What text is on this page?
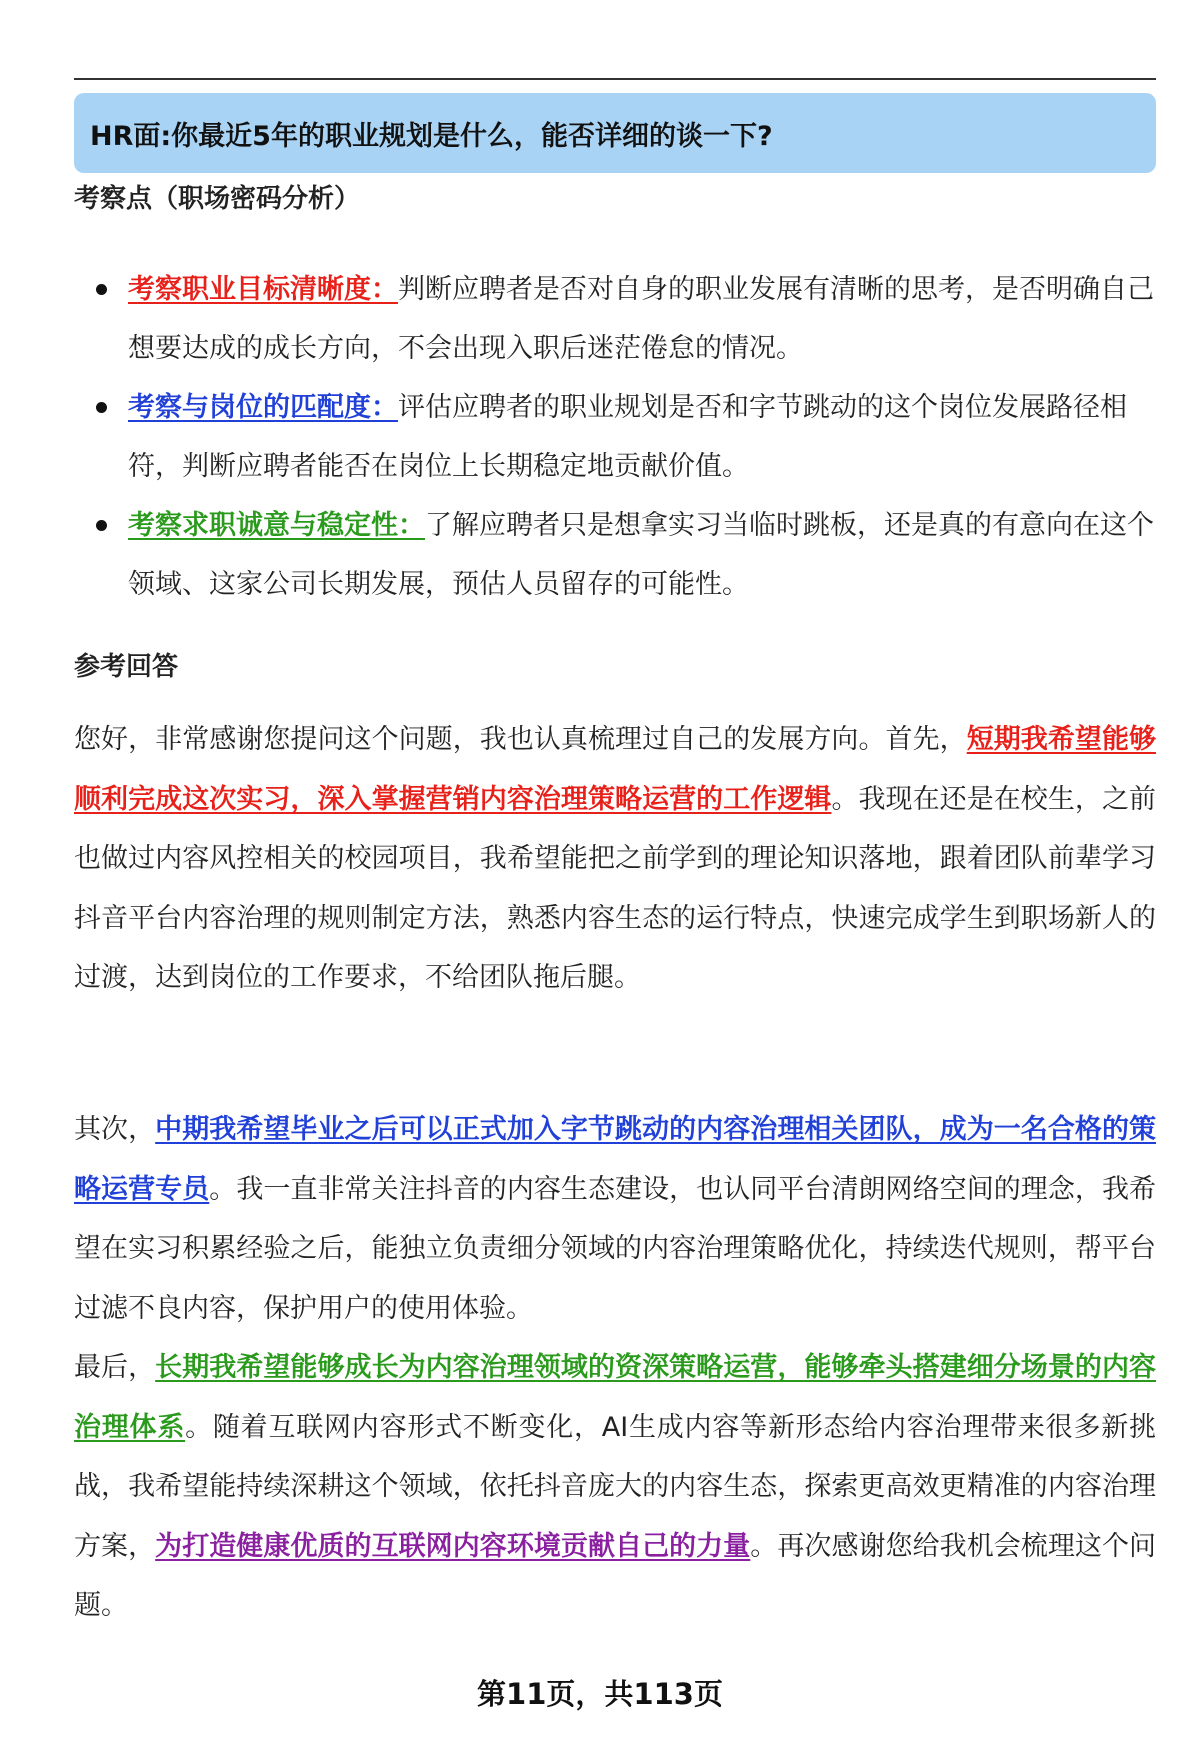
HR面:你最近5年的职业规划是什么，能否详细的谈一下?
考察点（职场密码分析）
考察职业目标清晰度：判断应聘者是否对自身的职业发展有清晰的思考，是否明确自己想要达成的成长方向，不会出现入职后迷茫倦怠的情况。
考察与岗位的匹配度：评估应聘者的职业规划是否和字节跳动的这个岗位发展路径相符，判断应聘者能否在岗位上长期稳定地贡献价值。
考察求职诚意与稳定性：了解应聘者只是想拿实习当临时跳板，还是真的有意向在这个领域、这家公司长期发展，预估人员留存的可能性。
参考回答

您好，非常感谢您提问这个问题，我也认真梳理过自己的发展方向。首先，短期我希望能够顺利完成这次实习，深入掌握营销内容治理策略运营的工作逻辑。我现在还是在校生，之前也做过内容风控相关的校园项目，我希望能把之前学到的理论知识落地，跟着团队前辈学习抖音平台内容治理的规则制定方法，熟悉内容生态的运行特点，快速完成学生到职场新人的过渡，达到岗位的工作要求，不给团队拖后腿。

其次，中期我希望毕业之后可以正式加入字节跳动的内容治理相关团队，成为一名合格的策略运营专员。我一直非常关注抖音的内容生态建设，也认同平台清朗网络空间的理念，我希望在实习积累经验之后，能独立负责细分领域的内容治理策略优化，持续迭代规则，帮平台过滤不良内容，保护用户的使用体验。

最后，长期我希望能够成长为内容治理领域的资深策略运营，能够牵头搭建细分场景的内容治理体系。随着互联网内容形式不断变化，AI生成内容等新形态给内容治理带来很多新挑战，我希望能持续深耕这个领域，依托抖音庞大的内容生态，探索更高效更精准的内容治理方案，为打造健康优质的互联网内容环境贡献自己的力量。再次感谢您给我机会梳理这个问题。

第11页，共113页
